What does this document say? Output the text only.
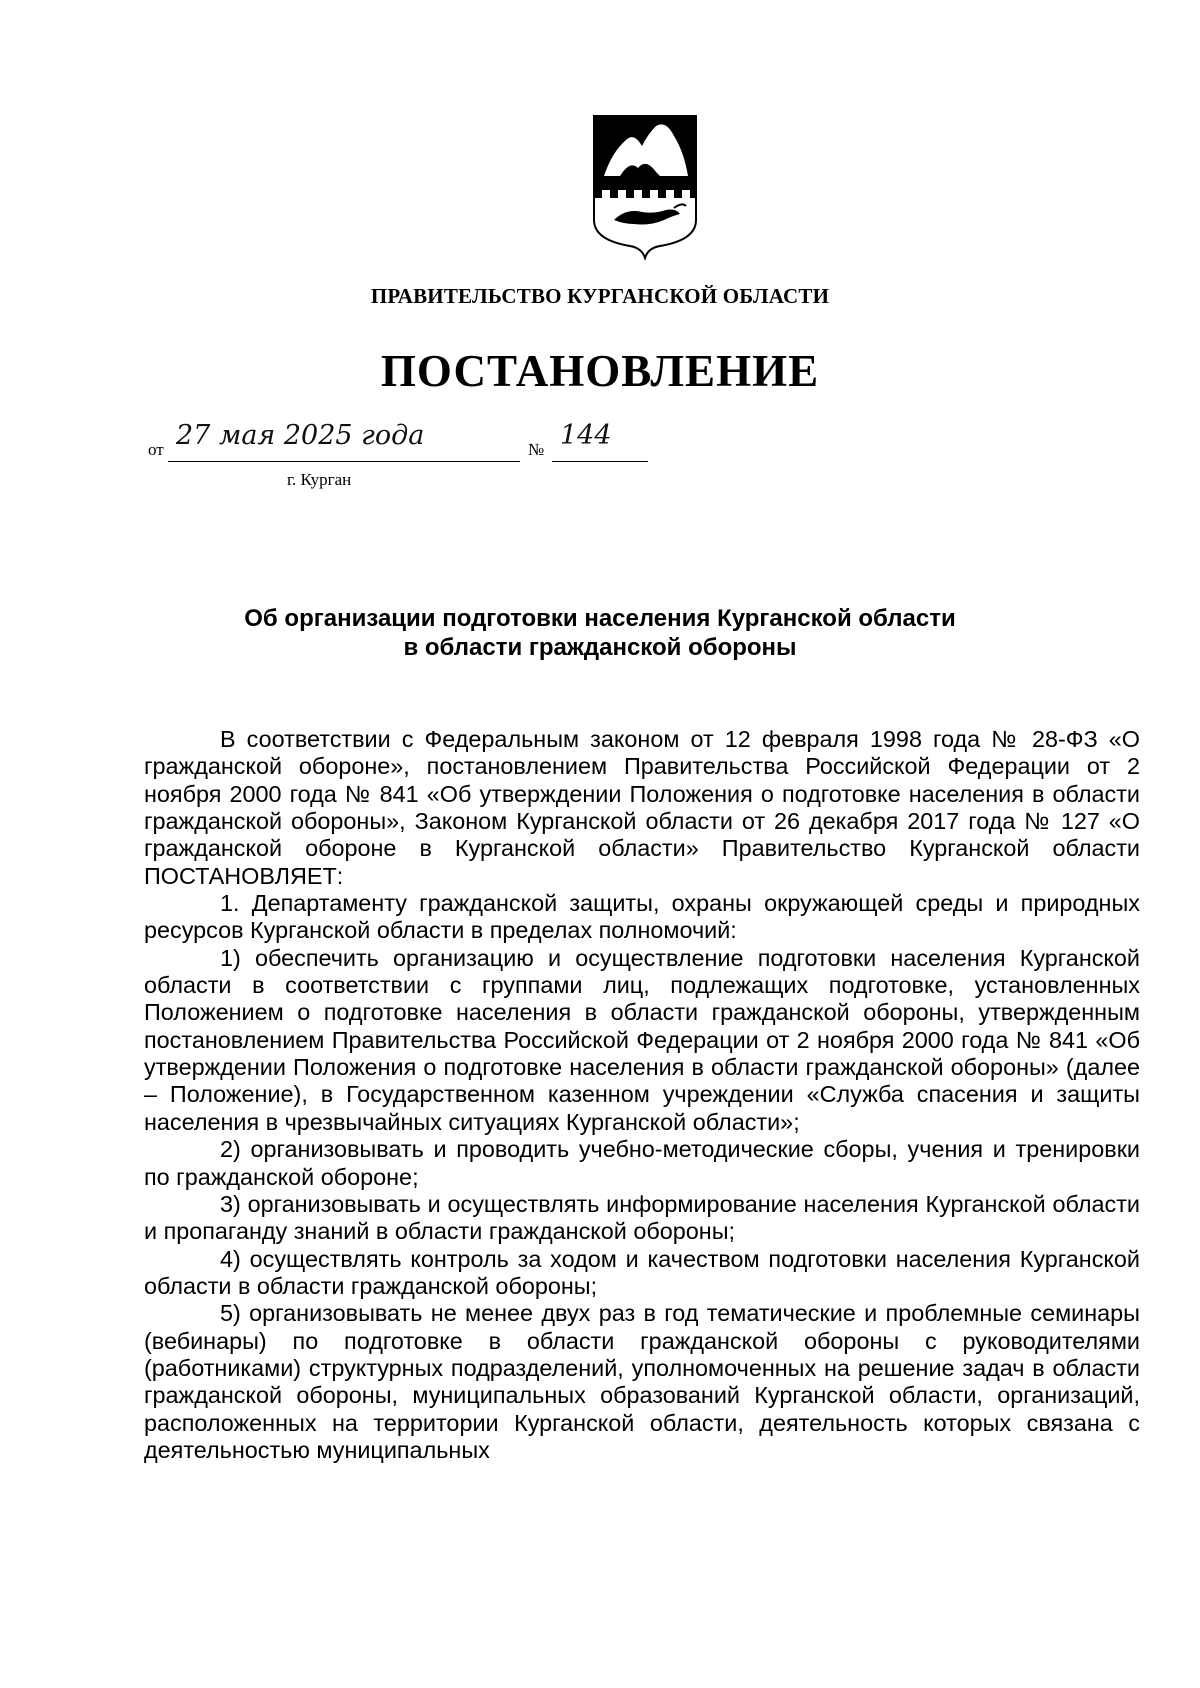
ПРАВИТЕЛЬСТВО КУРГАНСКОЙ ОБЛАСТИ
ПОСТАНОВЛЕНИЕ
от 27 мая 2025 года	№ 144
г. Курган
Об организации подготовки населения Курганской области
в области гражданской обороны

В соответствии с Федеральным законом от 12 февраля 1998 года № 28-ФЗ «О гражданской обороне», постановлением Правительства Российской Федерации от 2 ноября 2000 года № 841 «Об утверждении Положения о подготовке населения в области гражданской обороны», Законом Курганской области от 26 декабря 2017 года № 127 «О гражданской обороне в Курганской области» Правительство Курганской области ПОСТАНОВЛЯЕТ:

1. Департаменту гражданской защиты, охраны окружающей среды и природных ресурсов Курганской области в пределах полномочий:

1) обеспечить организацию и осуществление подготовки населения Курганской области в соответствии с группами лиц, подлежащих подготовке, установленных Положением о подготовке населения в области гражданской обороны, утвержденным постановлением Правительства Российской Федерации от 2 ноября 2000 года № 841 «Об утверждении Положения о подготовке населения в области гражданской обороны» (далее – Положение), в Государственном казенном учреждении «Служба спасения и защиты населения в чрезвычайных ситуациях Курганской области»;

2) организовывать и проводить учебно-методические сборы, учения и тренировки по гражданской обороне;

3) организовывать и осуществлять информирование населения Курганской области и пропаганду знаний в области гражданской обороны;

4) осуществлять контроль за ходом и качеством подготовки населения Курганской области в области гражданской обороны;

5) организовывать не менее двух раз в год тематические и проблемные семинары (вебинары) по подготовке в области гражданской обороны с руководителями (работниками) структурных подразделений, уполномоченных на решение задач в области гражданской обороны, муниципальных образований Курганской области, организаций, расположенных на территории Курганской области, деятельность которых связана с деятельностью муниципальных
